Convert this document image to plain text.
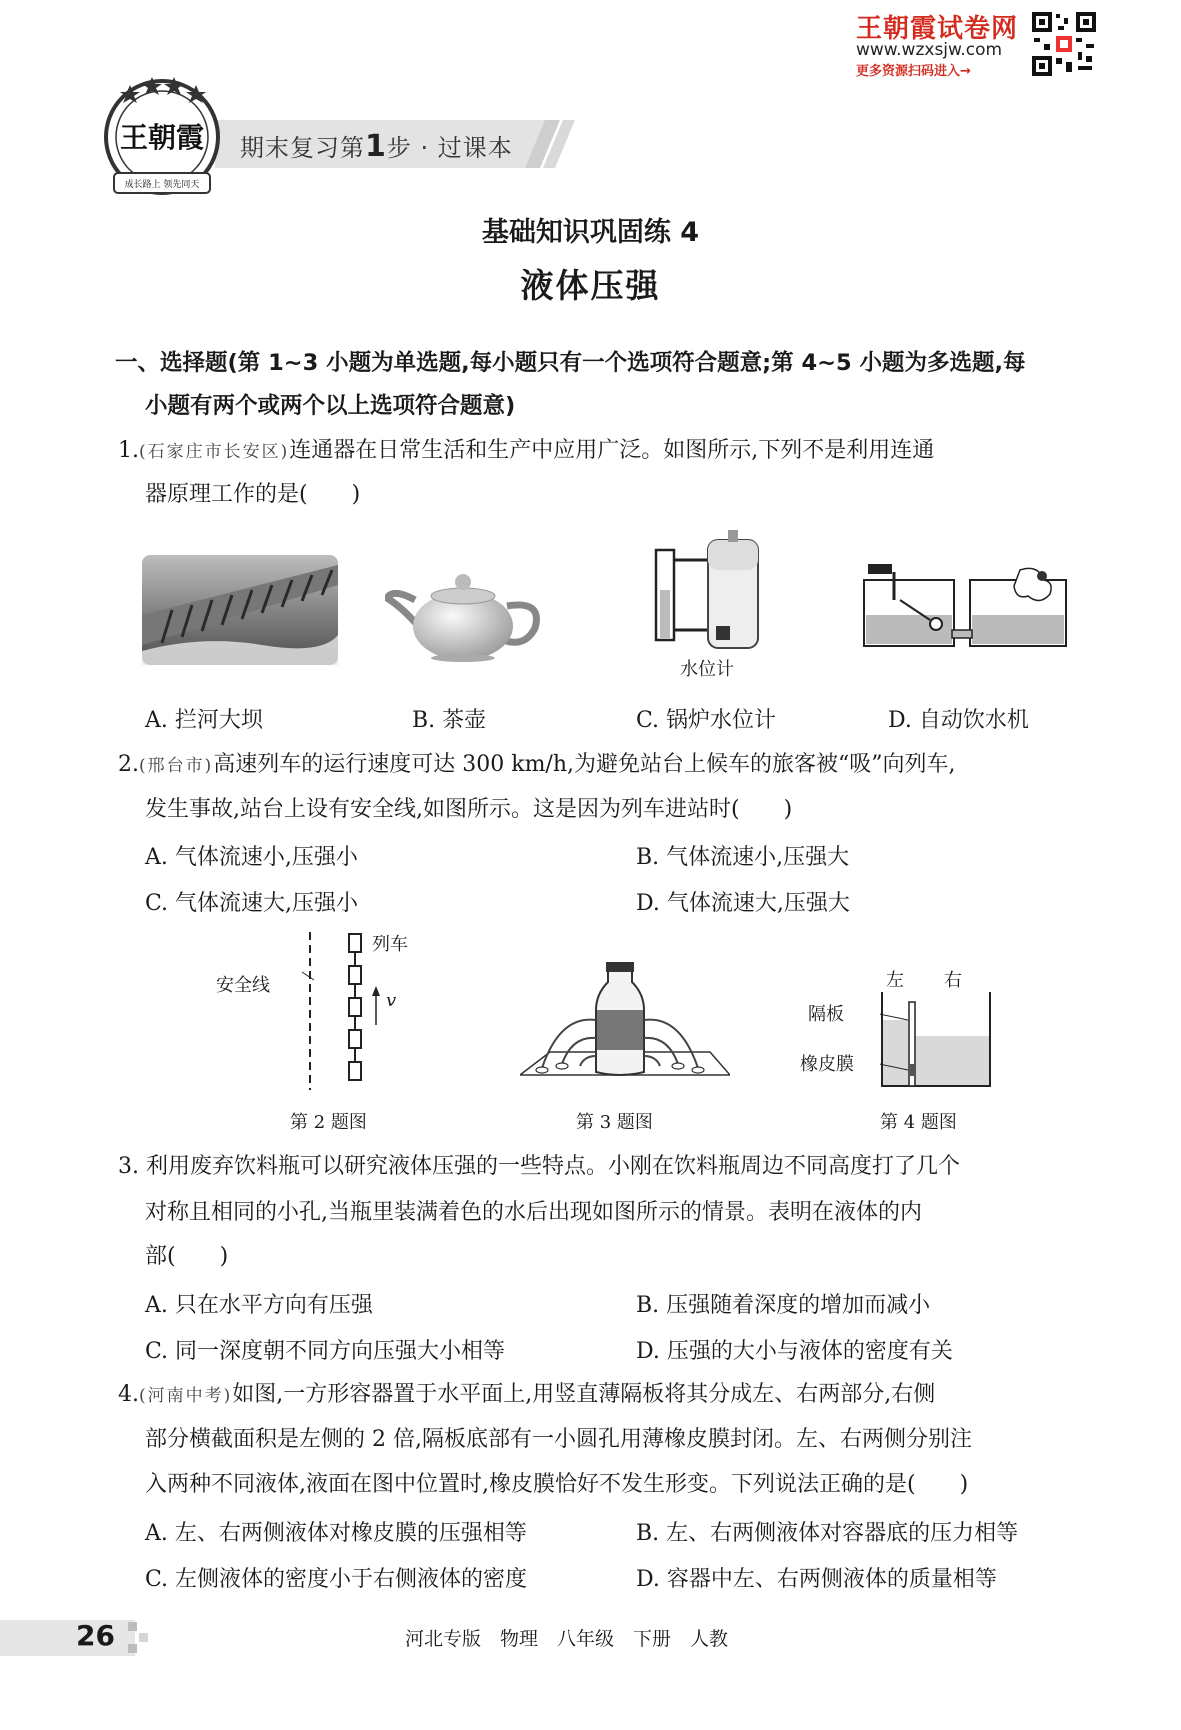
王朝霞试卷网
www.wzxsjw.com
更多资源扫码进入→
期末复习第1步 · 过课本
王朝霞
成长路上 领先同天
基础知识巩固练 4
液体压强
一、选择题(第 1~3 小题为单选题,每小题只有一个选项符合题意;第 4~5 小题为多选题,每
小题有两个或两个以上选项符合题意)
1.(石家庄市长安区)连通器在日常生活和生产中应用广泛。如图所示,下列不是利用连通
器原理工作的是(　　)
水位计
A. 拦河大坝	B. 茶壶	C. 锅炉水位计	D. 自动饮水机
2.(邢台市)高速列车的运行速度可达 300 km/h,为避免站台上候车的旅客被“吸”向列车,
发生事故,站台上设有安全线,如图所示。这是因为列车进站时(　　)
A. 气体流速小,压强小	B. 气体流速小,压强大
C. 气体流速大,压强小	D. 气体流速大,压强大
列车
安全线
v
左 右
隔板
橡皮膜
第 2 题图	第 3 题图	第 4 题图
3. 利用废弃饮料瓶可以研究液体压强的一些特点。小刚在饮料瓶周边不同高度打了几个
对称且相同的小孔,当瓶里装满着色的水后出现如图所示的情景。表明在液体的内
部(　　)
A. 只在水平方向有压强	B. 压强随着深度的增加而减小
C. 同一深度朝不同方向压强大小相等	D. 压强的大小与液体的密度有关
4.(河南中考)如图,一方形容器置于水平面上,用竖直薄隔板将其分成左、右两部分,右侧
部分横截面积是左侧的 2 倍,隔板底部有一小圆孔用薄橡皮膜封闭。左、右两侧分别注
入两种不同液体,液面在图中位置时,橡皮膜恰好不发生形变。下列说法正确的是(　　)
A. 左、右两侧液体对橡皮膜的压强相等	B. 左、右两侧液体对容器底的压力相等
C. 左侧液体的密度小于右侧液体的密度	D. 容器中左、右两侧液体的质量相等
26	河北专版　物理　八年级　下册　人教
